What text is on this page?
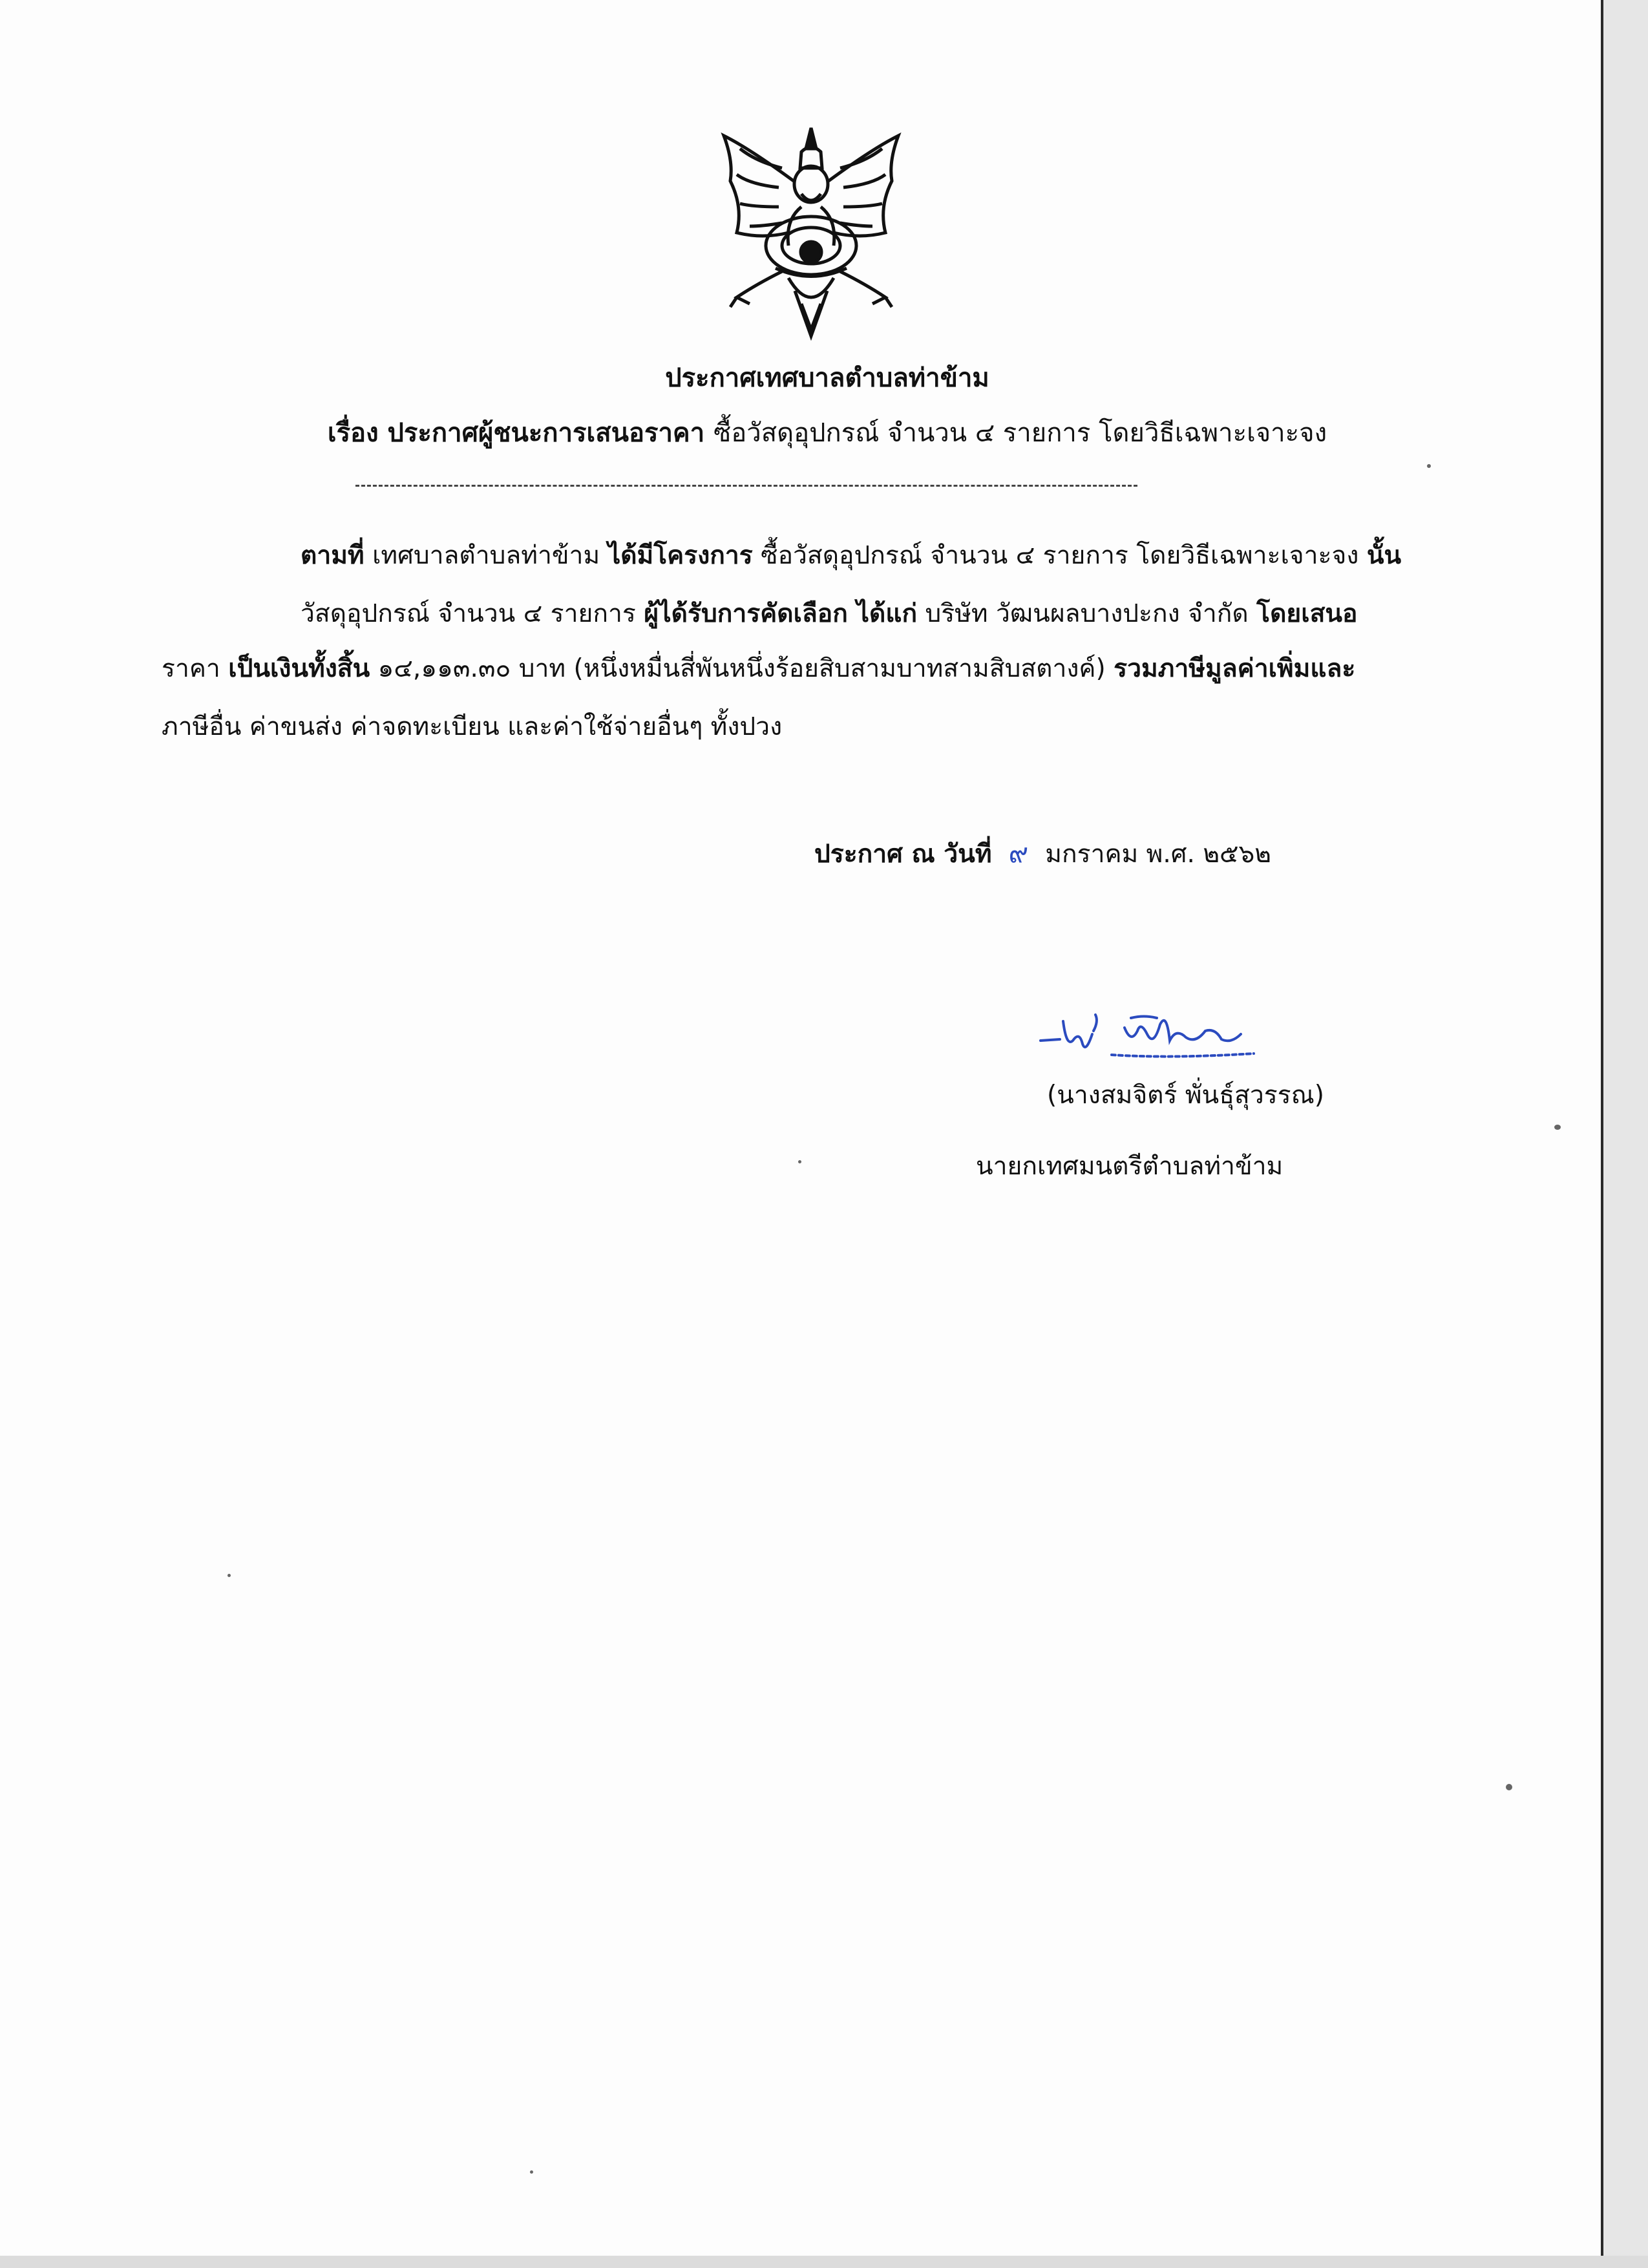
ประกาศเทศบาลตำบลท่าข้าม
เรื่อง ประกาศผู้ชนะการเสนอราคา ซื้อวัสดุอุปกรณ์ จำนวน ๔ รายการ โดยวิธีเฉพาะเจาะจง
ตามที่ เทศบาลตำบลท่าข้าม ได้มีโครงการ ซื้อวัสดุอุปกรณ์ จำนวน ๔ รายการ โดยวิธีเฉพาะเจาะจง นั้น
วัสดุอุปกรณ์ จำนวน ๔ รายการ ผู้ได้รับการคัดเลือก ได้แก่ บริษัท วัฒนผลบางปะกง จำกัด โดยเสนอ
ราคา เป็นเงินทั้งสิ้น ๑๔,๑๑๓.๓๐ บาท (หนึ่งหมื่นสี่พันหนึ่งร้อยสิบสามบาทสามสิบสตางค์) รวมภาษีมูลค่าเพิ่มและ
ภาษีอื่น ค่าขนส่ง ค่าจดทะเบียน และค่าใช้จ่ายอื่นๆ ทั้งปวง
ประกาศ ณ วันที่ ๙ มกราคม พ.ศ. ๒๕๖๒
(นางสมจิตร์ พั่นธุ์สุวรรณ)
นายกเทศมนตรีตำบลท่าข้าม
